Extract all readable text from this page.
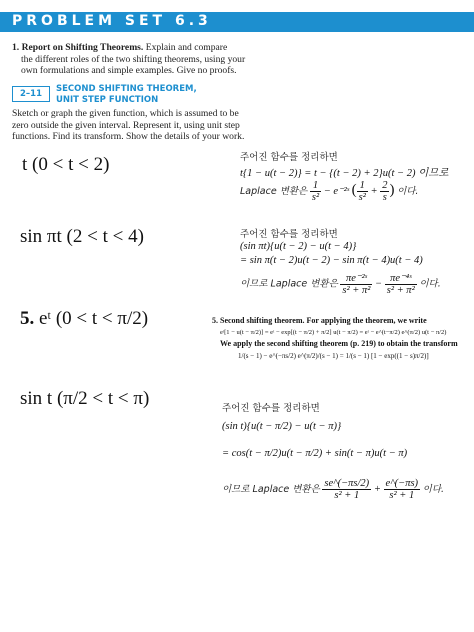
PROBLEM SET 6.3
1. Report on Shifting Theorems. Explain and compare
the different roles of the two shifting theorems, using your
own formulations and simple examples. Give no proofs.
2–11	SECOND SHIFTING THEOREM,
UNIT STEP FUNCTION
Sketch or graph the given function, which is assumed to be
zero outside the given interval. Represent it, using unit step
functions. Find its transform. Show the details of your work.
t (0 < t < 2)	주어진 함수를 정리하면
t{1 − u(t − 2)} = t − {(t − 2) + 2}u(t − 2) 이므로
Laplace 변환은 $\frac{1}{\text{s²}}$ − e⁻²ˢ ( $\frac{1}{\text{s²}} + \frac{2}{s}$ ) 이다.
sin πt (2 < t < 4)	주어진 함수를 정리하면
(sin πt){u(t − 2) − u(t − 4)}
= sin π(t − 2)u(t − 2) − sin π(t − 4)u(t − 4)
이므로 Laplace 변환은 $\frac{\text{πe⁻²ˢ}}{\text{s² + π²}} - \frac{\text{πe⁻⁴ˢ}}{\text{s² + π²}}$ 이다.
5. eᵗ (0 < t < π/2)	5. Second shifting theorem. For applying the theorem, we write
eᵗ[1 − u(t − π/2)] = eᵗ − exp[(t − π/2) + π/2] u(t − π/2) = eᵗ − e^(t−π/2) e^(π/2) u(t − π/2)
We apply the second shifting theorem (p. 219) to obtain the transform
1/(s − 1) − e^(−πs/2) e^(π/2)/(s − 1) = 1/(s − 1) [1 − exp((1 − s)π/2)]
sin t (π/2 < t < π)	주어진 함수를 정리하면
(sin t){u(t − π/2) − u(t − π)}
= cos(t − π/2)u(t − π/2) + sin(t − π)u(t − π)
이므로 Laplace 변환은 $\frac{se\^{}(-\pi s/2)}{\text{s² + 1}} + \frac{e\^{}(-\pi s)}{\text{s² + 1}}$ 이다.
